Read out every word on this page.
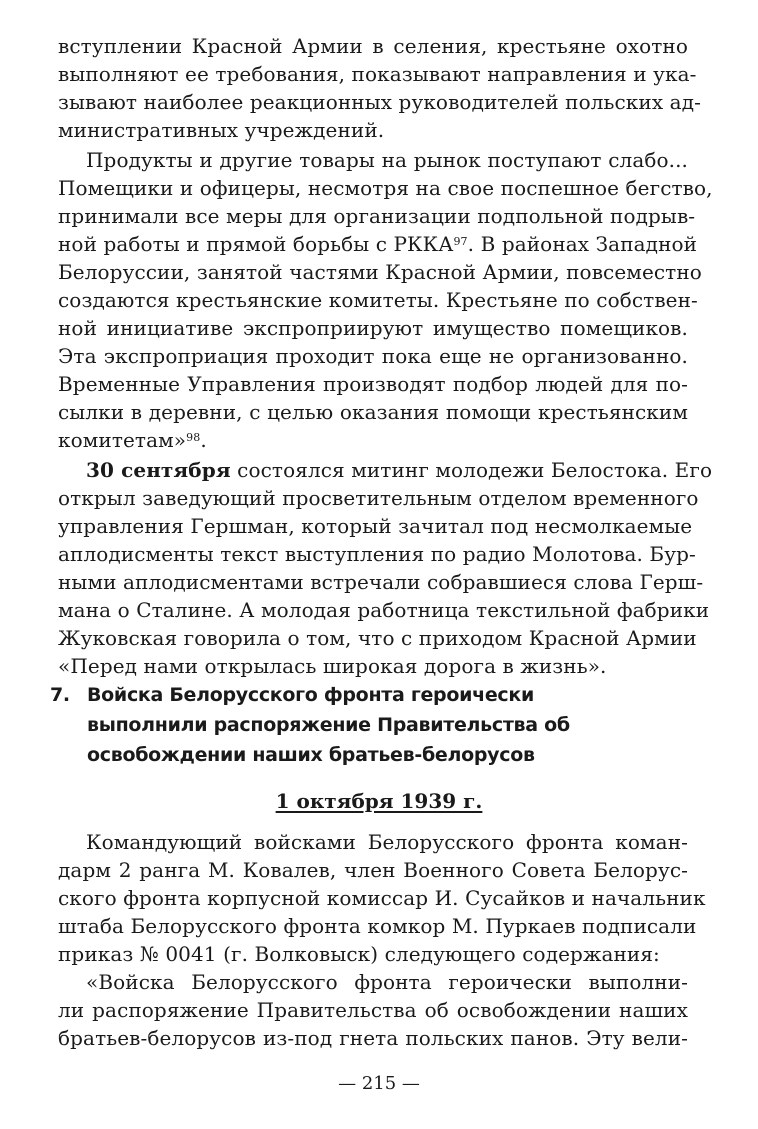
вступлении Красной Армии в селения, крестьяне охотно
выполняют ее требования, показывают направления и ука-
зывают наиболее реакционных руководителей польских ад-
министративных учреждений.
Продукты и другие товары на рынок поступают слабо...
Помещики и офицеры, несмотря на свое поспешное бегство,
принимали все меры для организации подпольной подрыв-
ной работы и прямой борьбы с РККА$^{97}$. В районах Западной
Белоруссии, занятой частями Красной Армии, повсеместно
создаются крестьянские комитеты. Крестьяне по собствен-
ной инициативе экспроприируют имущество помещиков.
Эта экспроприация проходит пока еще не организованно.
Временные Управления производят подбор людей для по-
сылки в деревни, с целью оказания помощи крестьянским
комитетам»$^{98}$.
30 сентября состоялся митинг молодежи Белостока. Его
открыл заведующий просветительным отделом временного
управления Гершман, который зачитал под несмолкаемые
аплодисменты текст выступления по радио Молотова. Бур-
ными аплодисментами встречали собравшиеся слова Герш-
мана о Сталине. А молодая работница текстильной фабрики
Жуковская говорила о том, что с приходом Красной Армии
«Перед нами открылась широкая дорога в жизнь».
7. Войска Белорусского фронта героически
выполнили распоряжение Правительства об
освобождении наших братьев-белорусов
1 октября 1939 г.
Командующий войсками Белорусского фронта коман-
дарм 2 ранга М. Ковалев, член Военного Совета Белорус-
ского фронта корпусной комиссар И. Сусайков и начальник
штаба Белорусского фронта комкор М. Пуркаев подписали
приказ № 0041 (г. Волковыск) следующего содержания:
«Войска Белорусского фронта героически выполни-
ли распоряжение Правительства об освобождении наших
братьев-белорусов из-под гнета польских панов. Эту вели-
— 215 —
